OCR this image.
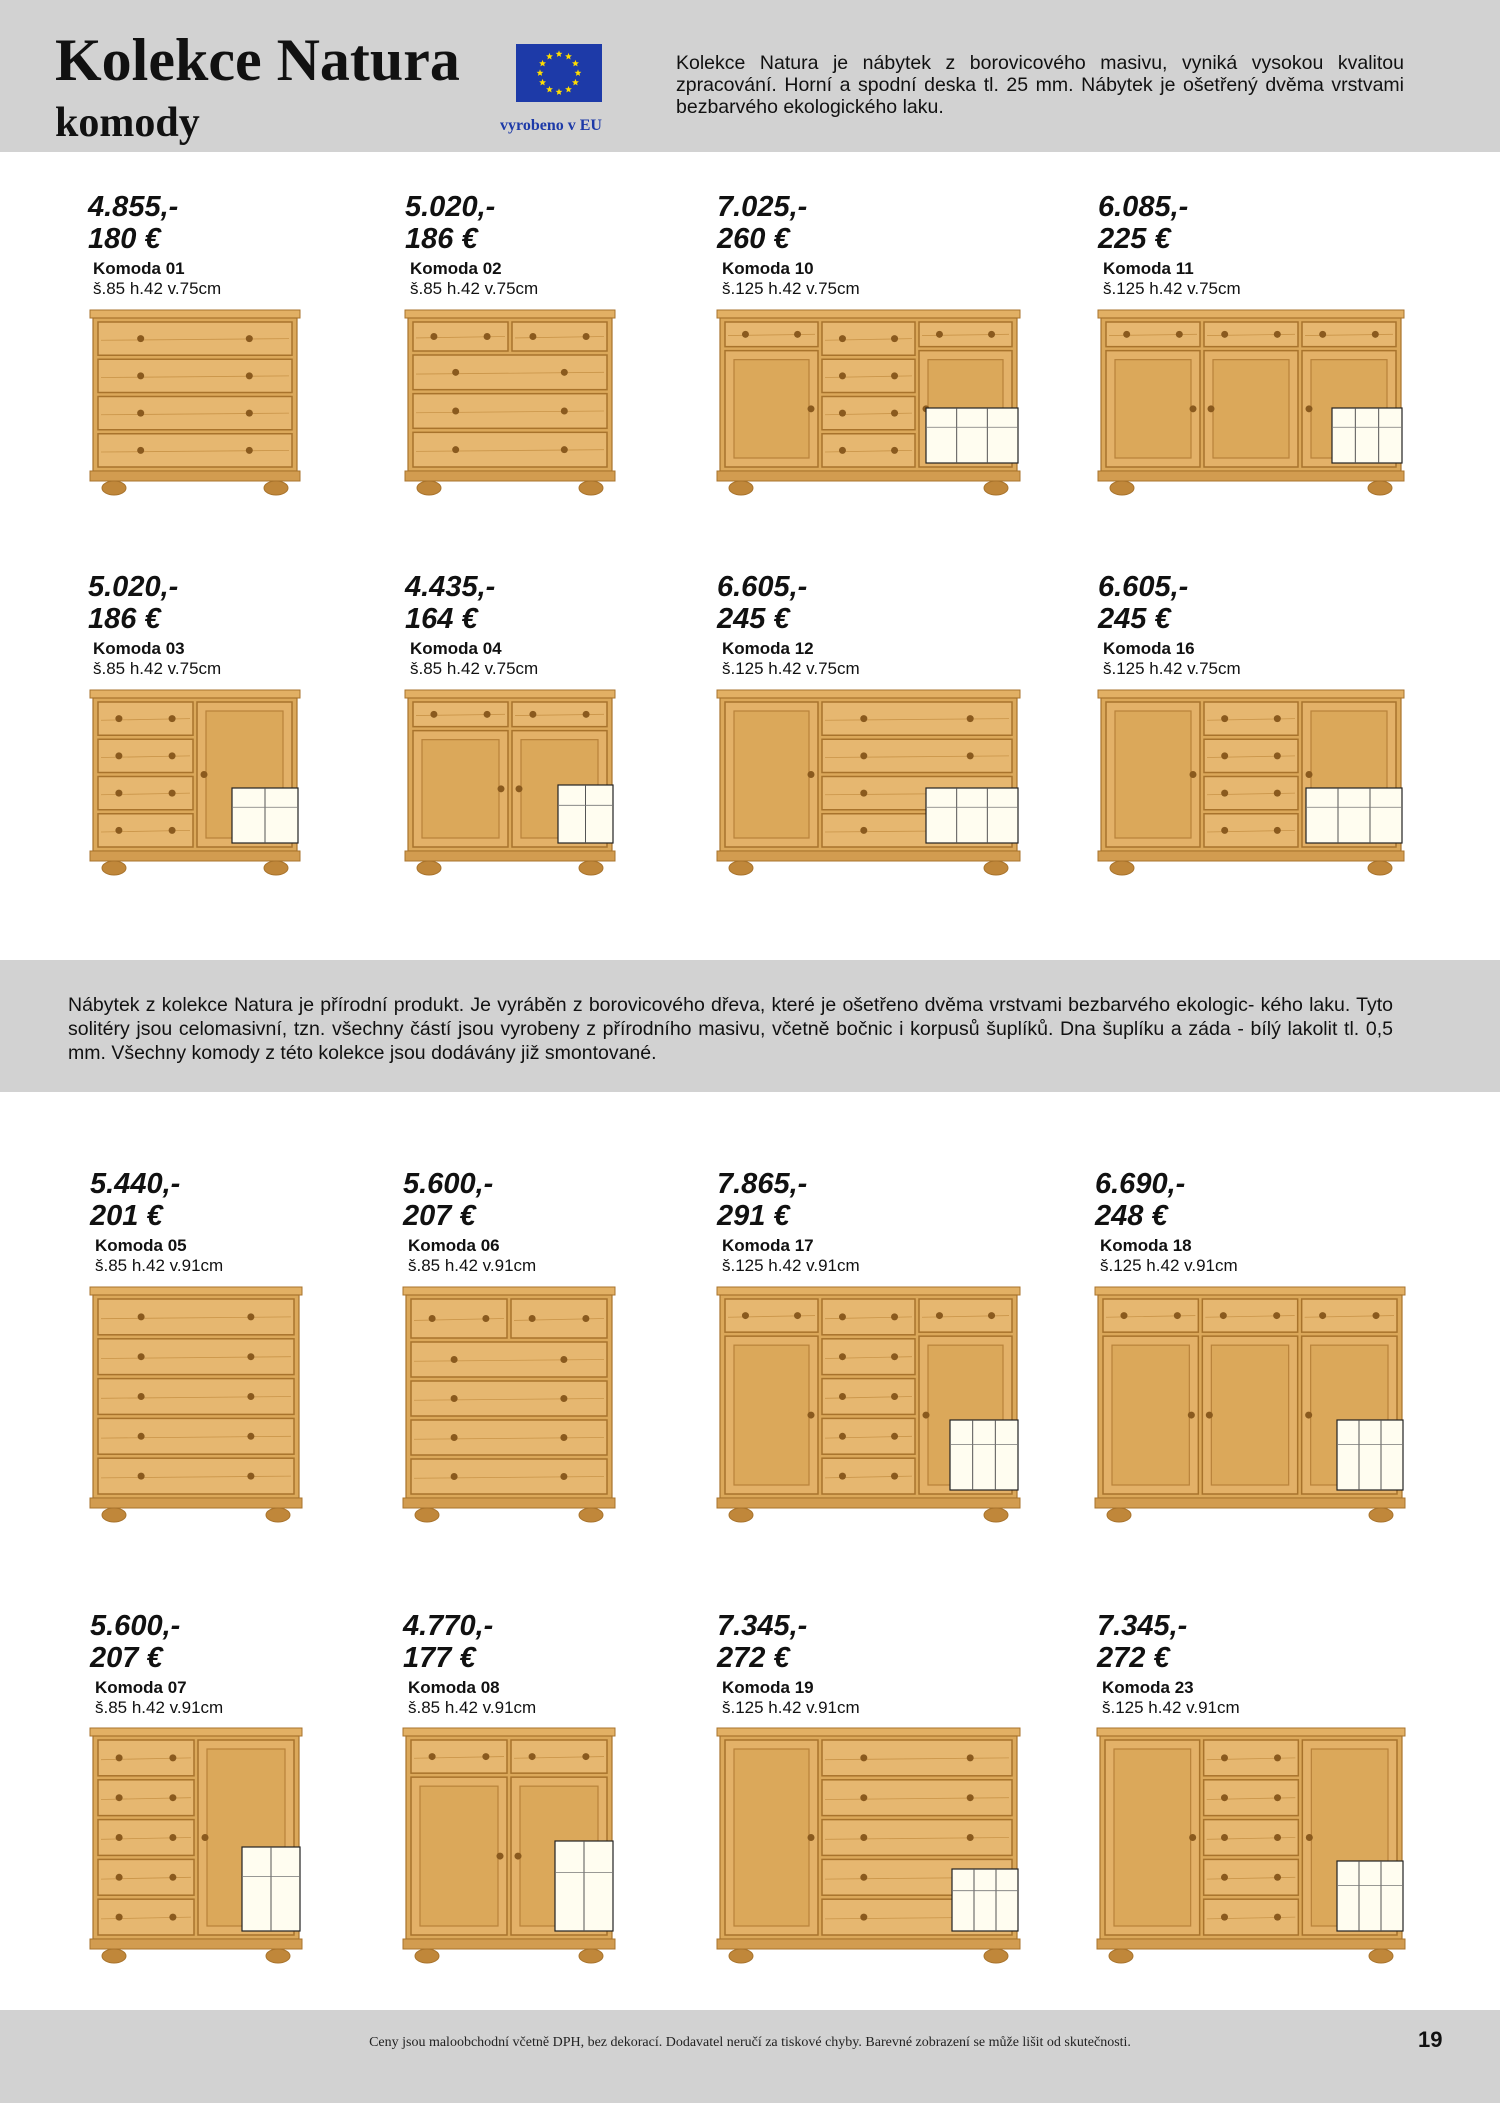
Kolekce Natura
komody	vyrobeno v EU
Kolekce Natura je nábytek z borovicového masivu, vyniká vysokou kvalitou zpracování. Horní a spodní deska tl. 25 mm. Nábytek je ošetřený dvěma vrstvami bezbarvého ekologického laku.
4.855,-
180 €
Komoda 01
š.85 h.42 v.75cm
5.020,-
186 €
Komoda 02
š.85 h.42 v.75cm
7.025,-
260 €
Komoda 10
š.125 h.42 v.75cm
6.085,-
225 €
Komoda 11
š.125 h.42 v.75cm
5.020,-
186 €
Komoda 03
š.85 h.42 v.75cm
4.435,-
164 €
Komoda 04
š.85 h.42 v.75cm
6.605,-
245 €
Komoda 12
š.125 h.42 v.75cm
6.605,-
245 €
Komoda 16
š.125 h.42 v.75cm
Nábytek z kolekce Natura je přírodní produkt. Je vyráběn z borovicového dřeva, které je ošetřeno dvěma vrstvami bezbarvého ekologic- kého laku. Tyto solitéry jsou celomasivní, tzn. všechny částí jsou vyrobeny z přírodního masivu, včetně bočnic i korpusů šuplíků. Dna šuplíku a záda - bílý lakolit tl. 0,5 mm. Všechny komody z této kolekce jsou dodávány již smontované.
5.440,-
201 €
Komoda 05
š.85 h.42 v.91cm
5.600,-
207 €
Komoda 06
š.85 h.42 v.91cm
7.865,-
291 €
Komoda 17
š.125 h.42 v.91cm
6.690,-
248 €
Komoda 18
š.125 h.42 v.91cm
5.600,-
207 €
Komoda 07
š.85 h.42 v.91cm
4.770,-
177 €
Komoda 08
š.85 h.42 v.91cm
7.345,-
272 €
Komoda 19
š.125 h.42 v.91cm
7.345,-
272 €
Komoda 23
š.125 h.42 v.91cm
Ceny jsou maloobchodní včetně DPH, bez dekorací. Dodavatel neručí za tiskové chyby. Barevné zobrazení se může lišit od skutečnosti.	19
